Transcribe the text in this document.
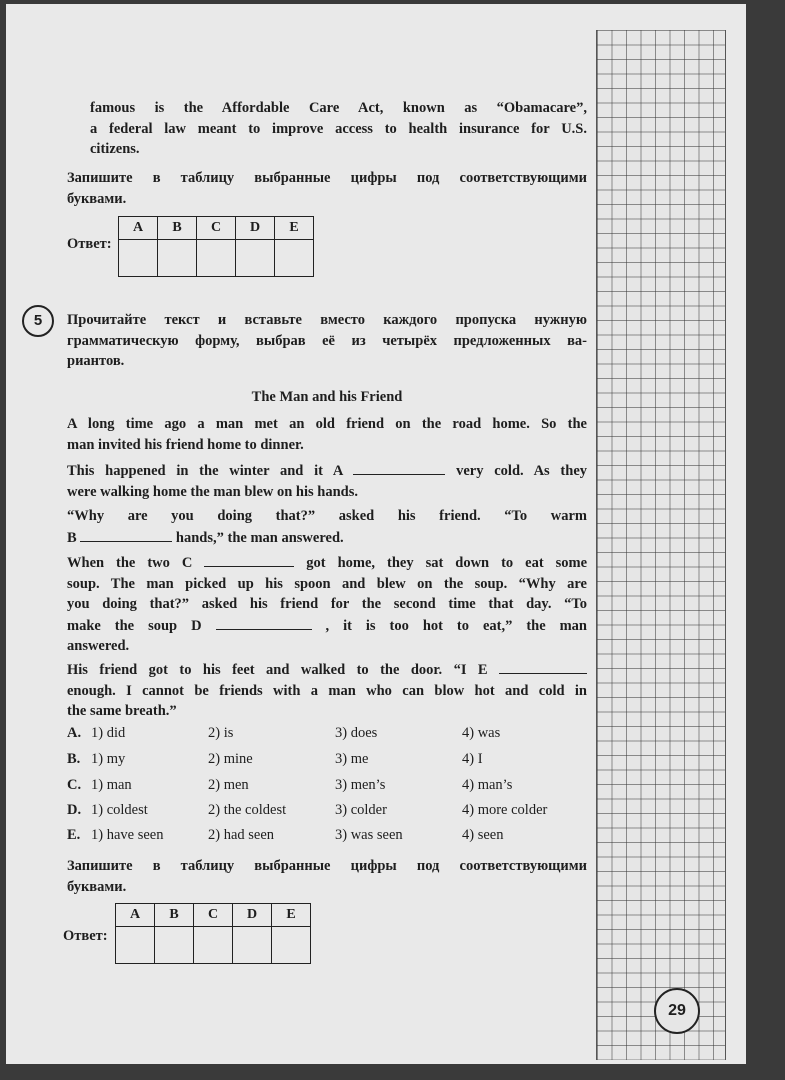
famous is the Affordable Care Act, known as “Obamacare”,
a federal law meant to improve access to health insurance for U.S.
citizens.
Запишите в таблицу выбранные цифры под соответствующими
буквами.
Ответ:
A	B	C	D	E

5	Прочитайте текст и вставьте вместо каждого пропуска нужную
грамматическую форму, выбрав её из четырёх предложенных ва-
риантов.
The Man and his Friend
A long time ago a man met an old friend on the road home. So the
man invited his friend home to dinner.
This happened in the winter and it A	very cold. As they
were walking home the man blew on his hands.
“Why are you doing that?” asked his friend. “To warm
B	hands,” the man answered.
When the two C	got home, they sat down to eat some
soup. The man picked up his spoon and blew on the soup. “Why are
you doing that?” asked his friend for the second time that day. “To
make the soup D	, it is too hot to eat,” the man
answered.
His friend got to his feet and walked to the door. “I E
enough. I cannot be friends with a man who can blow hot and cold in
the same breath.”
A. 1) did	2) is	3) does	4) was
B. 1) my	2) mine	3) me	4) I
C. 1) man	2) men	3) men’s	4) man’s
D. 1) coldest	2) the coldest	3) colder	4) more colder
E. 1) have seen	2) had seen	3) was seen	4) seen
Запишите в таблицу выбранные цифры под соответствующими
буквами.
Ответ:
A	B	C	D	E

29
